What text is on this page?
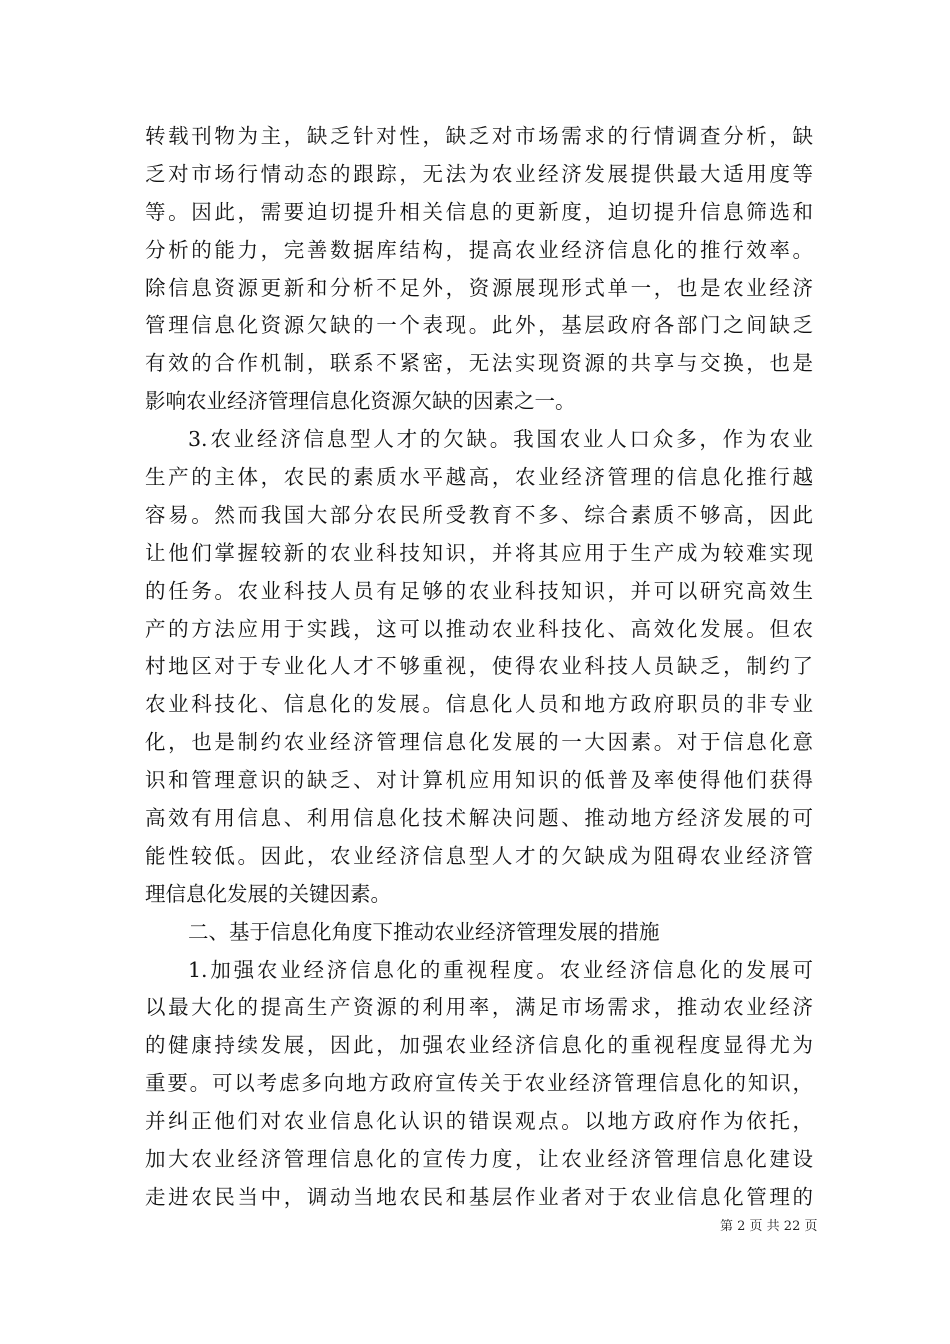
转载刊物为主，缺乏针对性，缺乏对市场需求的行情调查分析，缺
乏对市场行情动态的跟踪，无法为农业经济发展提供最大适用度等
等。因此，需要迫切提升相关信息的更新度，迫切提升信息筛选和
分析的能力，完善数据库结构，提高农业经济信息化的推行效率。
除信息资源更新和分析不足外，资源展现形式单一，也是农业经济
管理信息化资源欠缺的一个表现。此外，基层政府各部门之间缺乏
有效的合作机制，联系不紧密，无法实现资源的共享与交换，也是
影响农业经济管理信息化资源欠缺的因素之一。
3.农业经济信息型人才的欠缺。我国农业人口众多，作为农业
生产的主体，农民的素质水平越高，农业经济管理的信息化推行越
容易。然而我国大部分农民所受教育不多、综合素质不够高，因此
让他们掌握较新的农业科技知识，并将其应用于生产成为较难实现
的任务。农业科技人员有足够的农业科技知识，并可以研究高效生
产的方法应用于实践，这可以推动农业科技化、高效化发展。但农
村地区对于专业化人才不够重视，使得农业科技人员缺乏，制约了
农业科技化、信息化的发展。信息化人员和地方政府职员的非专业
化，也是制约农业经济管理信息化发展的一大因素。对于信息化意
识和管理意识的缺乏、对计算机应用知识的低普及率使得他们获得
高效有用信息、利用信息化技术解决问题、推动地方经济发展的可
能性较低。因此，农业经济信息型人才的欠缺成为阻碍农业经济管
理信息化发展的关键因素。
二、基于信息化角度下推动农业经济管理发展的措施
1.加强农业经济信息化的重视程度。农业经济信息化的发展可
以最大化的提高生产资源的利用率，满足市场需求，推动农业经济
的健康持续发展，因此，加强农业经济信息化的重视程度显得尤为
重要。可以考虑多向地方政府宣传关于农业经济管理信息化的知识，
并纠正他们对农业信息化认识的错误观点。以地方政府作为依托，
加大农业经济管理信息化的宣传力度，让农业经济管理信息化建设
走进农民当中，调动当地农民和基层作业者对于农业信息化管理的
第 2 页 共 22 页
